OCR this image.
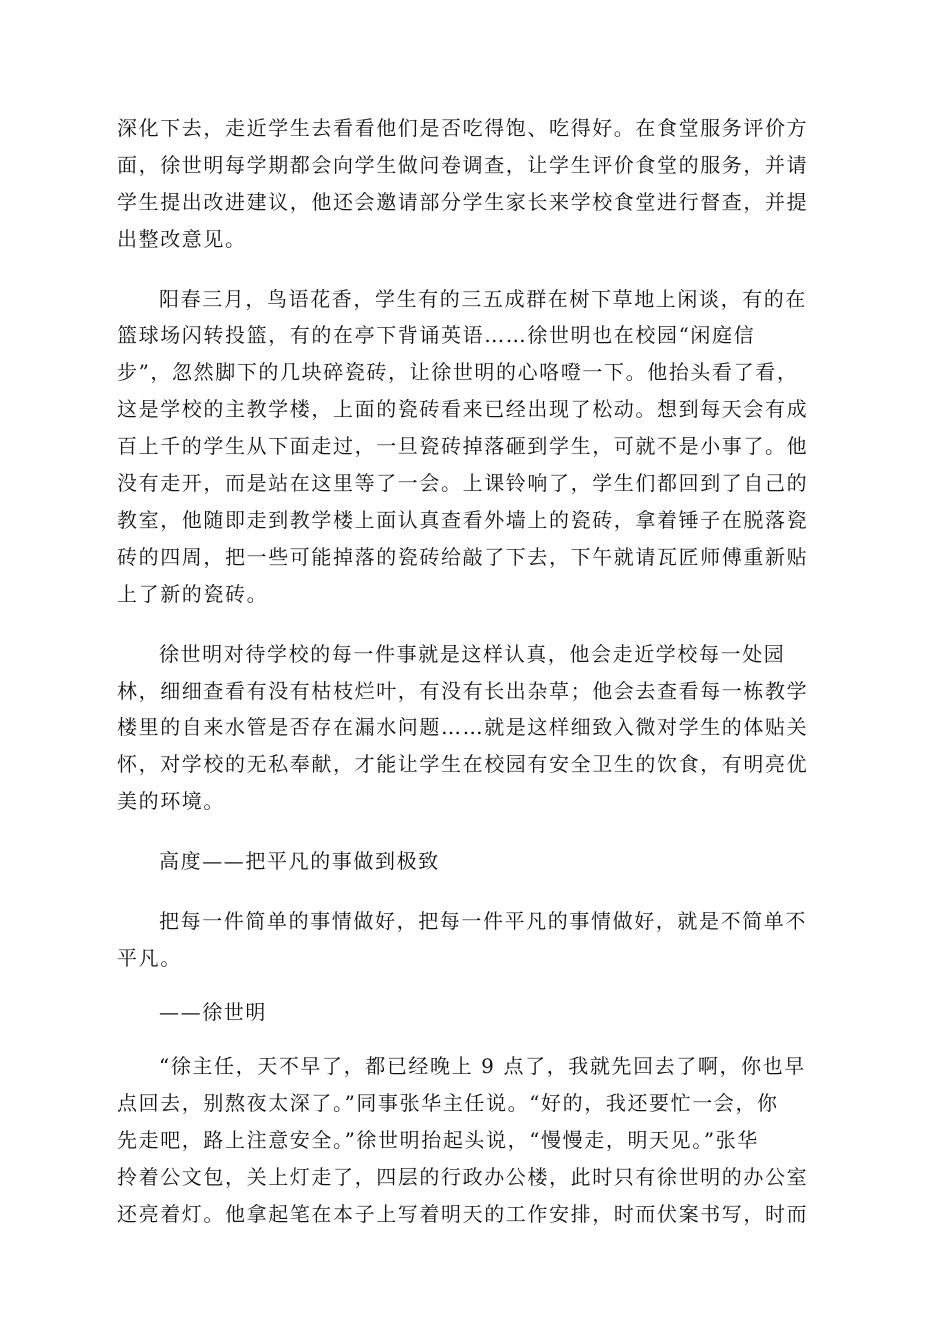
深化下去，走近学生去看看他们是否吃得饱、吃得好。在食堂服务评价方

面，徐世明每学期都会向学生做问卷调查，让学生评价食堂的服务，并请

学生提出改进建议，他还会邀请部分学生家长来学校食堂进行督查，并提

出整改意见。

阳春三月，鸟语花香，学生有的三五成群在树下草地上闲谈，有的在

篮球场闪转投篮，有的在亭下背诵英语……徐世明也在校园“闲庭信

步”，忽然脚下的几块碎瓷砖，让徐世明的心咯噔一下。他抬头看了看，

这是学校的主教学楼，上面的瓷砖看来已经出现了松动。想到每天会有成

百上千的学生从下面走过，一旦瓷砖掉落砸到学生，可就不是小事了。他

没有走开，而是站在这里等了一会。上课铃响了，学生们都回到了自己的

教室，他随即走到教学楼上面认真查看外墙上的瓷砖，拿着锤子在脱落瓷

砖的四周，把一些可能掉落的瓷砖给敲了下去，下午就请瓦匠师傅重新贴

上了新的瓷砖。

徐世明对待学校的每一件事就是这样认真，他会走近学校每一处园

林，细细查看有没有枯枝烂叶，有没有长出杂草；他会去查看每一栋教学

楼里的自来水管是否存在漏水问题……就是这样细致入微对学生的体贴关

怀，对学校的无私奉献，才能让学生在校园有安全卫生的饮食，有明亮优

美的环境。

高度——把平凡的事做到极致

把每一件简单的事情做好，把每一件平凡的事情做好，就是不简单不

平凡。

——徐世明

“徐主任，天不早了，都已经晚上 9 点了，我就先回去了啊，你也早

点回去，别熬夜太深了。”同事张华主任说。“好的，我还要忙一会，你

先走吧，路上注意安全。”徐世明抬起头说，“慢慢走，明天见。”张华

拎着公文包，关上灯走了，四层的行政办公楼，此时只有徐世明的办公室

还亮着灯。他拿起笔在本子上写着明天的工作安排，时而伏案书写，时而
